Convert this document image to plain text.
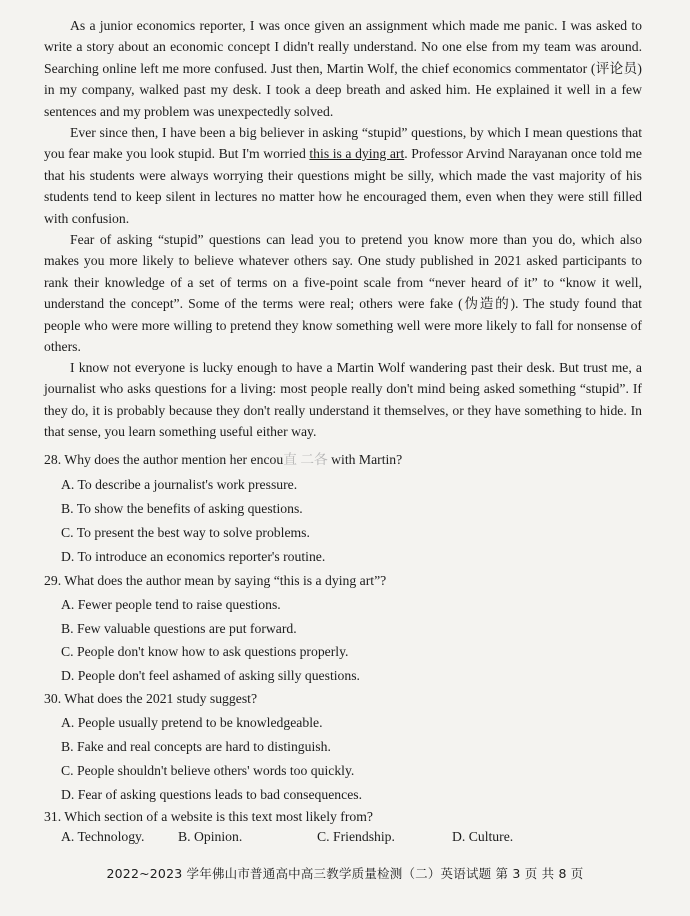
As a junior economics reporter, I was once given an assignment which made me panic. I was asked to write a story about an economic concept I didn't really understand. No one else from my team was around. Searching online left me more confused. Just then, Martin Wolf, the chief economics commentator (评论员) in my company, walked past my desk. I took a deep breath and asked him. He explained it well in a few sentences and my problem was unexpectedly solved.

Ever since then, I have been a big believer in asking “stupid” questions, by which I mean questions that you fear make you look stupid. But I'm worried this is a dying art. Professor Arvind Narayanan once told me that his students were always worrying their questions might be silly, which made the vast majority of his students tend to keep silent in lectures no matter how he encouraged them, even when they were still filled with confusion.

Fear of asking “stupid” questions can lead you to pretend you know more than you do, which also makes you more likely to believe whatever others say. One study published in 2021 asked participants to rank their knowledge of a set of terms on a five-point scale from “never heard of it” to “know it well, understand the concept”. Some of the terms were real; others were fake (伪造的). The study found that people who were more willing to pretend they know something well were more likely to fall for nonsense of others.

I know not everyone is lucky enough to have a Martin Wolf wandering past their desk. But trust me, a journalist who asks questions for a living: most people really don't mind being asked something “stupid”. If they do, it is probably because they don't really understand it themselves, or they have something to hide. In that sense, you learn something useful either way.

28. Why does the author mention her encou直 二各 with Martin?

A. To describe a journalist's work pressure.

B. To show the benefits of asking questions.

C. To present the best way to solve problems.

D. To introduce an economics reporter's routine.

29. What does the author mean by saying “this is a dying art”?

A. Fewer people tend to raise questions.

B. Few valuable questions are put forward.

C. People don't know how to ask questions properly.

D. People don't feel ashamed of asking silly questions.

30. What does the 2021 study suggest?

A. People usually pretend to be knowledgeable.

B. Fake and real concepts are hard to distinguish.

C. People shouldn't believe others' words too quickly.

D. Fear of asking questions leads to bad consequences.

31. Which section of a website is this text most likely from?

A. Technology. B. Opinion.	C. Friendship.	D. Culture.
2022~2023 学年佛山市普通高中高三教学质量检测（二）英语试题 第 3 页 共 8 页
